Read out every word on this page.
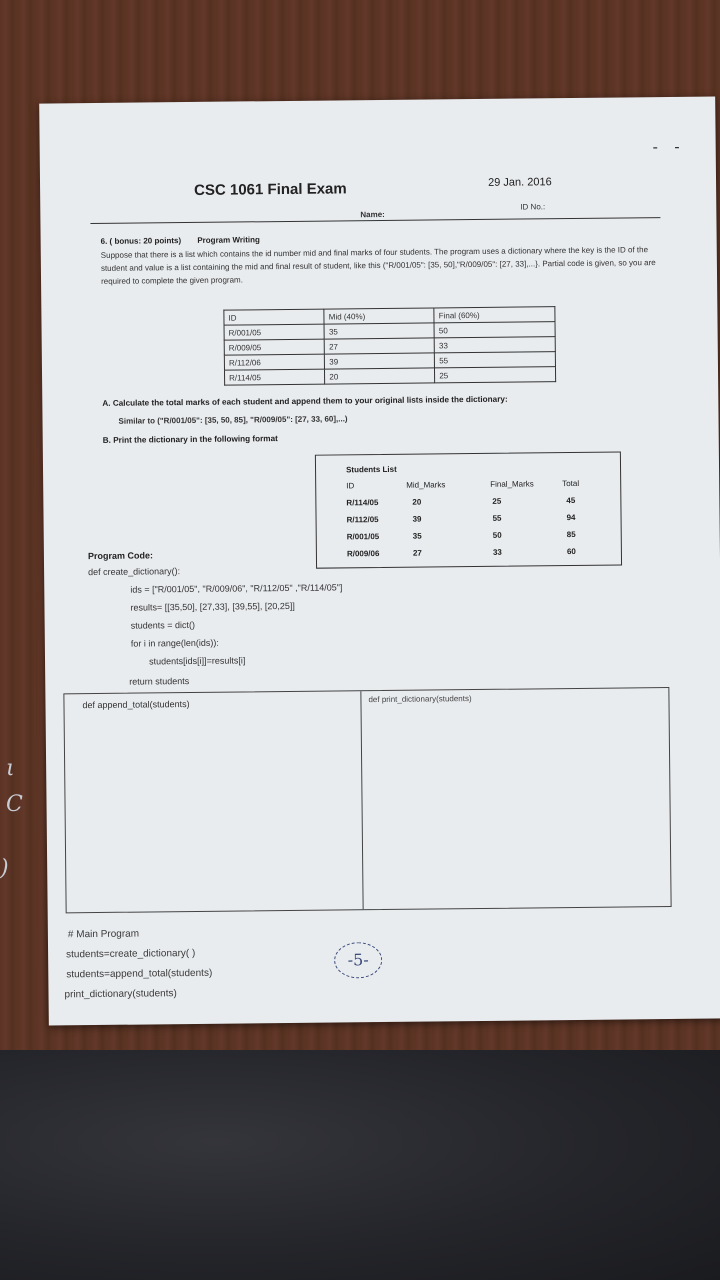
ι
C
)
- -
CSC 1061 Final Exam	29 Jan. 2016
Name:
ID No.:
6. ( bonus: 20 points) Program Writing
Suppose that there is a list which contains the id number mid and final marks of four students. The program uses a dictionary where the key is the ID of the student and value is a list containing the mid and final result of student, like this ("R/001/05": [35, 50],"R/009/05": [27, 33],...}. Partial code is given, so you are required to complete the given program.
ID	Mid (40%)	Final (60%)
R/001/05	35	50
R/009/05	27	33
R/112/06	39	55
R/114/05	20	25
A. Calculate the total marks of each student and append them to your original lists inside the dictionary:
Similar to ("R/001/05": [35, 50, 85], "R/009/05": [27, 33, 60],...)
B. Print the dictionary in the following format
Students List
ID	Mid_Marks	Final_Marks	Total
R/114/05	20	25	45
R/112/05	39	55	94
R/001/05	35	50	85
R/009/06	27	33	60
Program Code:
def create_dictionary():
ids = ["R/001/05", "R/009/06", "R/112/05" ,"R/114/05"]
results= [[35,50], [27,33], [39,55], [20,25]]
students = dict()
for i in range(len(ids)):
students[ids[i]]=results[i]
return students
def append_total(students)	def print_dictionary(students)
# Main Program
students=create_dictionary( )
students=append_total(students)
print_dictionary(students)
-5-
